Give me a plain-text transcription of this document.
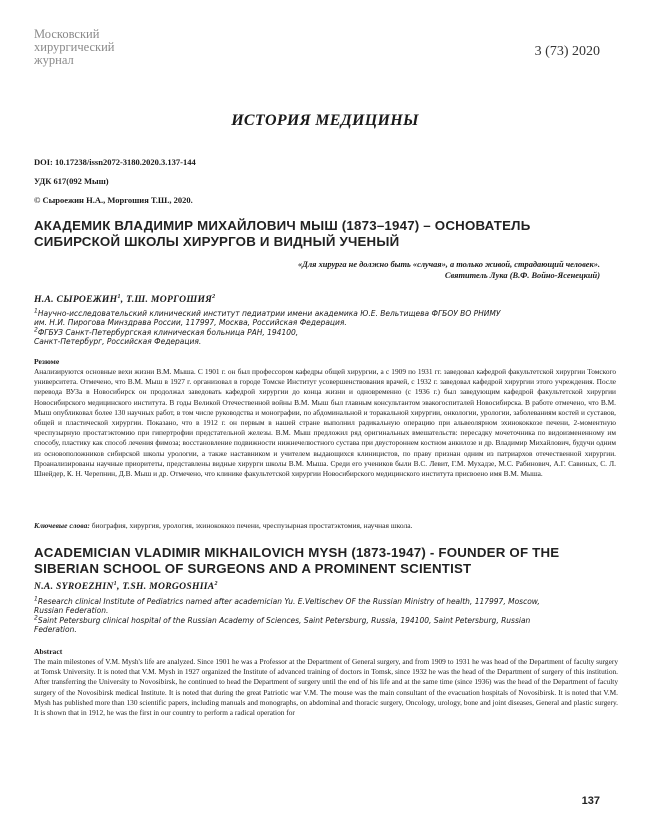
Московский
хирургический
журнал
3 (73) 2020
ИСТОРИЯ МЕДИЦИНЫ
DOI: 10.17238/issn2072-3180.2020.3.137-144
УДК 617(092 Мыш)
© Сыроежин Н.А., Моргошия Т.Ш., 2020.
АКАДЕМИК ВЛАДИМИР МИХАЙЛОВИЧ МЫШ (1873–1947) – ОСНОВАТЕЛЬ
СИБИРСКОЙ ШКОЛЫ ХИРУРГОВ И ВИДНЫЙ УЧЕНЫЙ
«Для хирурга не должно быть «случая», а только живой, страдающий человек».
Святитель Лука (В.Ф. Войно-Ясенецкий)
Н.А. СЫРОЕЖИН$^1$, Т.Ш. МОРГОШИЯ$^2$

$^1$Научно-исследовательский клинический институт педиатрии имени академика Ю.Е. Вельтищева ФГБОУ ВО РНИМУ

им. Н.И. Пирогова Минздрава России, 117997, Москва, Российская Федерация.

$^2$ФГБУЗ Санкт-Петербургская клиническая больница РАН, 194100,

Санкт-Петербург, Российская Федерация.

Резюме
Анализируются основные вехи жизни В.М. Мыша. С 1901 г. он был профессором кафедры общей хирургии, а с 1909 по 1931 гг. заведовал кафедрой факультетской хирургии Томского университета. Отмечено, что В.М. Мыш в 1927 г. организовал в городе Томске Институт усовершенствования врачей, с 1932 г. заведовал кафедрой хирургии этого учреждения. После перевода ВУЗа в Новосибирск он продолжал заведовать кафедрой хирургии до конца жизни и одновременно (с 1936 г.) был заведующим кафедрой факультетской хирургии Новосибирского медицинского института. В годы Великой Отечественной войны В.М. Мыш был главным консультантом эвакогоспиталей Новосибирска. В работе отмечено, что В.М. Мыш опубликовал более 130 научных работ, в том числе руководства и монографии, по абдоминальной и торакальной хирургии, онкологии, урологии, заболеваниям костей и суставов, общей и пластической хирургии. Показано, что в 1912 г. он первым в нашей стране выполнил радикальную операцию при альвеолярном эхинококкозе печени, 2-моментную чреспузырную простатэктомию при гипертрофии предстательной железы. В.М. Мыш предложил ряд оригинальных вмешательств: пересадку мочеточника по видоизмененному им способу, пластику как способ лечения фимоза; восстановление подвижности нижнечелюстного сустава при двустороннем костном анкилозе и др. Владимир Михайлович, будучи одним из основоположников сибирской школы урологии, а также наставником и учителем выдающихся клиницистов, по праву признан одним из патриархов отечественной хирургии. Проанализированы научные приоритеты, представлены видные хирурги школы В.М. Мыша. Среди его учеников были В.С. Левит, Г.М. Мухадзе, М.С. Рабинович, А.Г. Савиных, С. Л. Шнейдер, К. Н. Черепнин, Д.В. Мыш и др. Отмечено, что клинике факультетской хирургии Новосибирского медицинского института присвоено имя В.М. Мыша.
Ключевые слова: биография, хирургия, урология, эхинококкоз печени, чреспузырная простатэктомия, научная школа.
ACADEMICIAN VLADIMIR MIKHAILOVICH MYSH (1873-1947) - FOUNDER OF THE
SIBERIAN SCHOOL OF SURGEONS AND A PROMINENT SCIENTIST
N.A. SYROEZHIN$^1$, T.SH. MORGOSHIIA$^2$

$^1$Research clinical Institute of Pediatrics named after academician Yu. E.Veltischev OF the Russian Ministry of health, 117997, Moscow,

Russian Federation.

$^2$Saint Petersburg clinical hospital of the Russian Academy of Sciences, Saint Petersburg, Russia, 194100, Saint Petersburg, Russian

Federation.

Abstract
The main milestones of V.M. Mysh's life are analyzed. Since 1901 he was a Professor at the Department of General surgery, and from 1909 to 1931 he was head of the Department of faculty surgery at Tomsk University. It is noted that V.M. Mysh in 1927 organized the Institute of advanced training of doctors in Tomsk, since 1932 he was the head of the Department of surgery of this institution. After transferring the University to Novosibirsk, he continued to head the Department of surgery until the end of his life and at the same time (since 1936) was the head of the Department of faculty surgery of the Novosibirsk medical Institute. It is noted that during the great Patriotic war V.M. The mouse was the main consultant of the evacuation hospitals of Novosibirsk. It is noted that V.M. Mysh has published more than 130 scientific papers, including manuals and monographs, on abdominal and thoracic surgery, Oncology, urology, bone and joint diseases, General and plastic surgery. It is shown that in 1912, he was the first in our country to perform a radical operation for
137
